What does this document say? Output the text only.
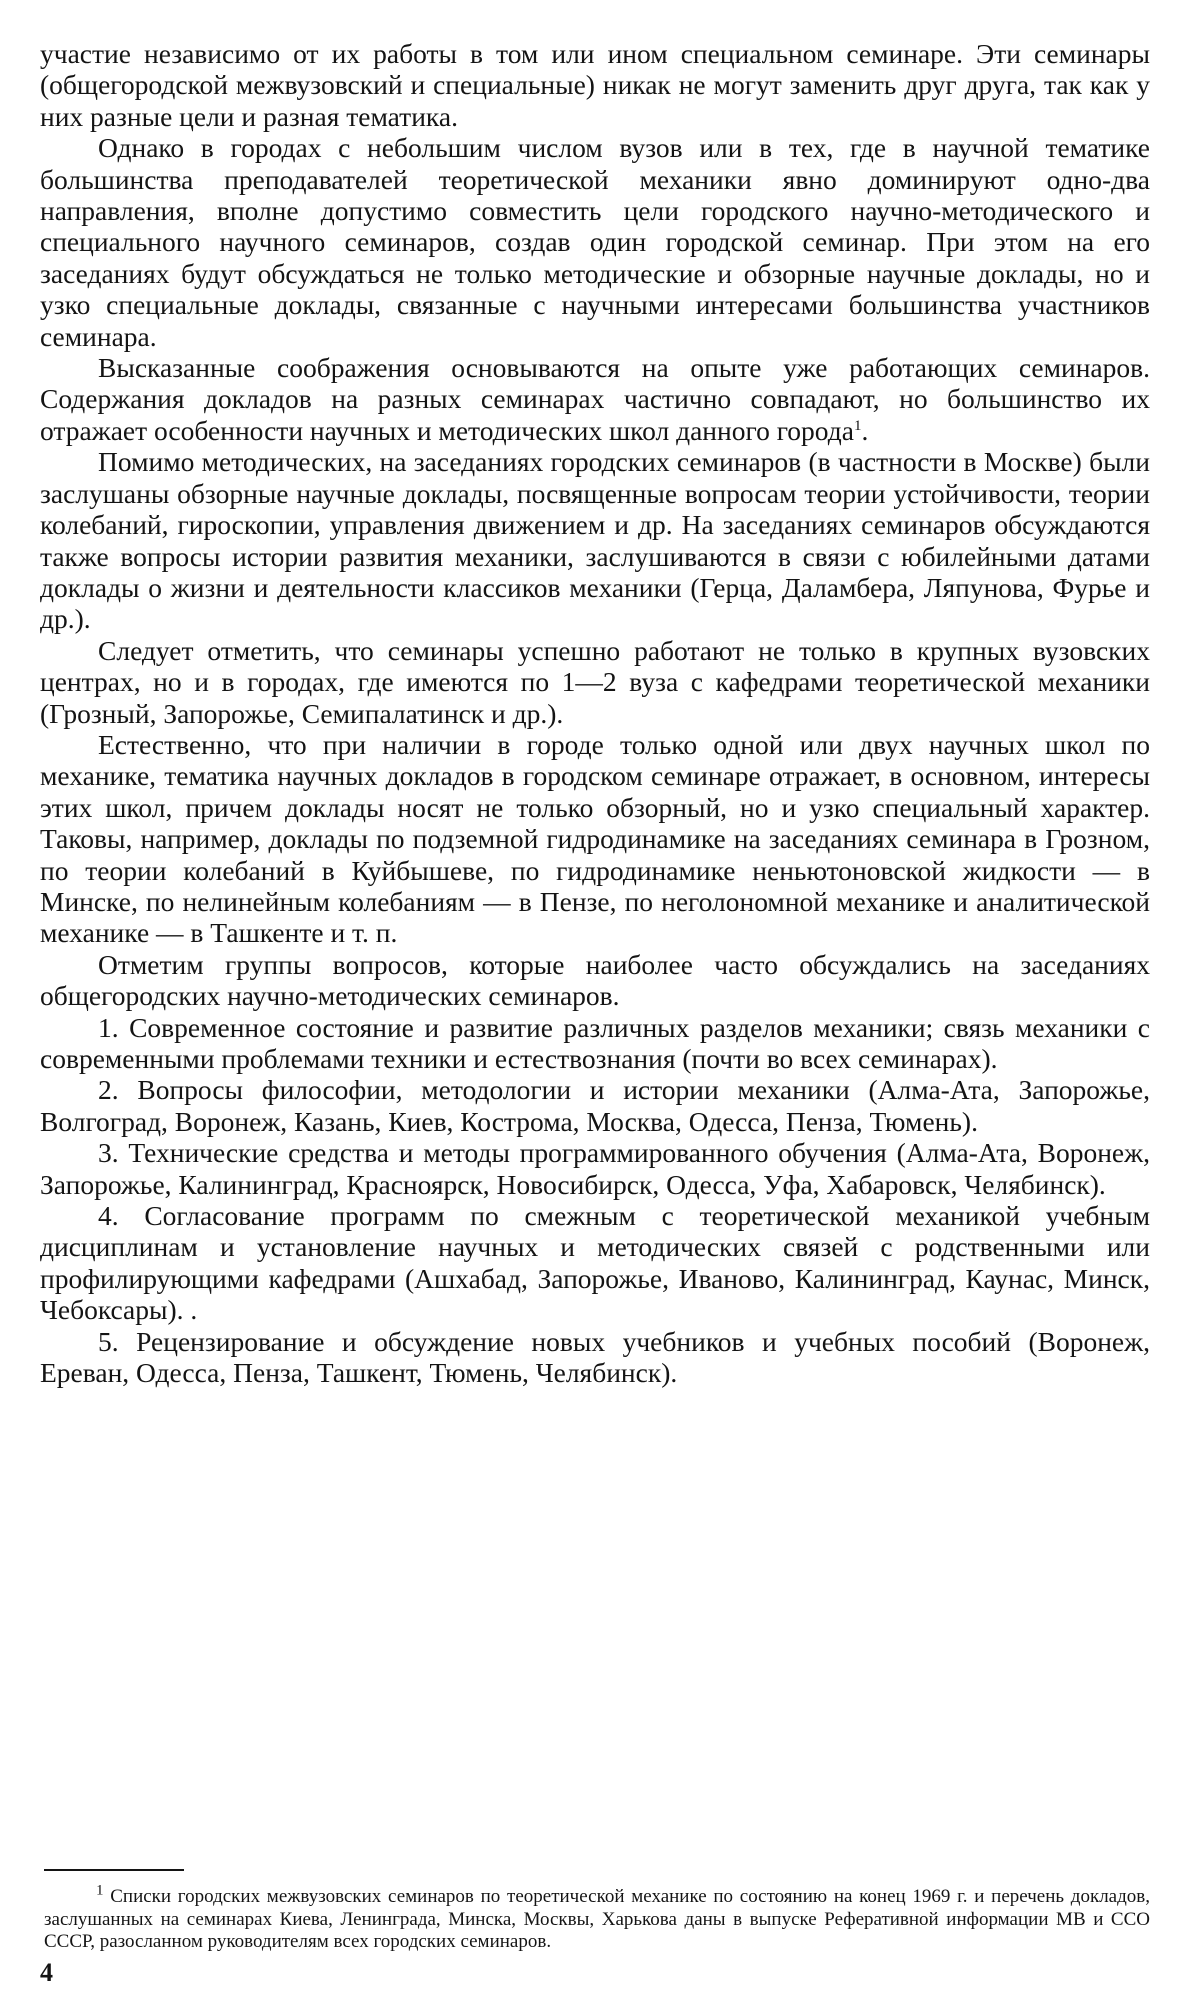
участие независимо от их работы в том или ином специальном семинаре. Эти семинары (общегородской межвузовский и специальные) никак не могут заменить друг друга, так как у них разные цели и разная тематика.

Однако в городах с небольшим числом вузов или в тех, где в научной тематике большинства преподавателей теоретической механики явно доминируют одно-два направления, вполне допустимо совместить цели городского научно-методического и специального научного семинаров, создав один городской семинар. При этом на его заседаниях будут обсуждаться не только методические и обзорные научные доклады, но и узко специальные доклады, связанные с научными интересами большинства участников семинара.

Высказанные соображения основываются на опыте уже работающих семинаров. Содержания докладов на разных семинарах частично совпадают, но большинство их отражает особенности научных и методических школ данного города$^1$.

Помимо методических, на заседаниях городских семинаров (в частности в Москве) были заслушаны обзорные научные доклады, посвященные вопросам теории устойчивости, теории колебаний, гироскопии, управления движением и др. На заседаниях семинаров обсуждаются также вопросы истории развития механики, заслушиваются в связи с юбилейными датами доклады о жизни и деятельности классиков механики (Герца, Даламбера, Ляпунова, Фурье и др.).

Следует отметить, что семинары успешно работают не только в крупных вузовских центрах, но и в городах, где имеются по 1—2 вуза с кафедрами теоретической механики (Грозный, Запорожье, Семипалатинск и др.).

Естественно, что при наличии в городе только одной или двух научных школ по механике, тематика научных докладов в городском семинаре отражает, в основном, интересы этих школ, причем доклады носят не только обзорный, но и узко специальный характер. Таковы, например, доклады по подземной гидродинамике на заседаниях семинара в Грозном, по теории колебаний в Куйбышеве, по гидродинамике неньютоновской жидкости — в Минске, по нелинейным колебаниям — в Пензе, по неголономной механике и аналитической механике — в Ташкенте и т. п.

Отметим группы вопросов, которые наиболее часто обсуждались на заседаниях общегородских научно-методических семинаров.

1. Современное состояние и развитие различных разделов механики; связь механики с современными проблемами техники и естествознания (почти во всех семинарах).

2. Вопросы философии, методологии и истории механики (Алма-Ата, Запорожье, Волгоград, Воронеж, Казань, Киев, Кострома, Москва, Одесса, Пенза, Тюмень).

3. Технические средства и методы программированного обучения (Алма-Ата, Воронеж, Запорожье, Калининград, Красноярск, Новосибирск, Одесса, Уфа, Хабаровск, Челябинск).

4. Согласование программ по смежным с теоретической механикой учебным дисциплинам и установление научных и методических связей с родственными или профилирующими кафедрами (Ашхабад, Запорожье, Иваново, Калининград, Каунас, Минск, Чебоксары). .

5. Рецензирование и обсуждение новых учебников и учебных пособий (Воронеж, Ереван, Одесса, Пенза, Ташкент, Тюмень, Челябинск).

$^1$ Списки городских межвузовских семинаров по теоретической механике по состоянию на конец 1969 г. и перечень докладов, заслушанных на семинарах Киева, Ленинграда, Минска, Москвы, Харькова даны в выпуске Реферативной информации МВ и ССО СССР, разосланном руководителям всех городских семинаров.

4
